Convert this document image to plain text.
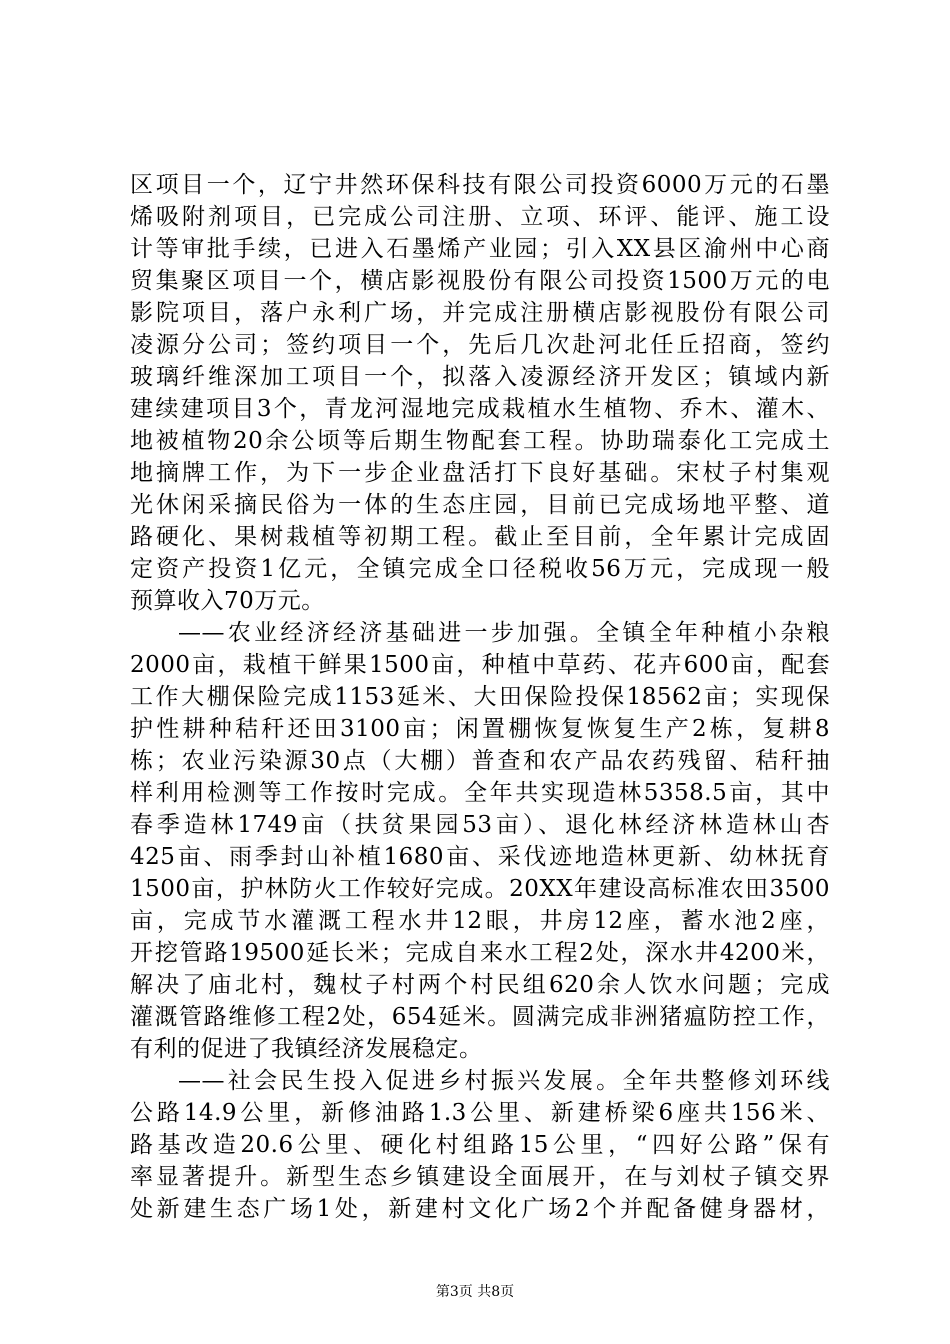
区项目一个，辽宁井然环保科技有限公司投资6000万元的石墨
烯吸附剂项目，已完成公司注册、立项、环评、能评、施工设
计等审批手续，已进入石墨烯产业园；引入XX县区渝州中心商
贸集聚区项目一个，横店影视股份有限公司投资1500万元的电
影院项目，落户永利广场，并完成注册横店影视股份有限公司
凌源分公司；签约项目一个，先后几次赴河北任丘招商，签约
玻璃纤维深加工项目一个，拟落入凌源经济开发区；镇域内新
建续建项目3个，青龙河湿地完成栽植水生植物、乔木、灌木、
地被植物20余公顷等后期生物配套工程。协助瑞泰化工完成土
地摘牌工作，为下一步企业盘活打下良好基础。宋杖子村集观
光休闲采摘民俗为一体的生态庄园，目前已完成场地平整、道
路硬化、果树栽植等初期工程。截止至目前，全年累计完成固
定资产投资1亿元，全镇完成全口径税收56万元，完成现一般
预算收入70万元。
——农业经济经济基础进一步加强。全镇全年种植小杂粮
2000亩，栽植干鲜果1500亩，种植中草药、花卉600亩，配套
工作大棚保险完成1153延米、大田保险投保18562亩；实现保
护性耕种秸秆还田3100亩；闲置棚恢复恢复生产2栋，复耕8
栋；农业污染源30点（大棚）普查和农产品农药残留、秸秆抽
样利用检测等工作按时完成。全年共实现造林5358.5亩，其中
春季造林1749亩（扶贫果园53亩）、退化林经济林造林山杏
425亩、雨季封山补植1680亩、采伐迹地造林更新、幼林抚育
1500亩，护林防火工作较好完成。20XX年建设高标准农田3500
亩，完成节水灌溉工程水井12眼，井房12座，蓄水池2座，
开挖管路19500延长米；完成自来水工程2处，深水井4200米，
解决了庙北村，魏杖子村两个村民组620余人饮水问题；完成
灌溉管路维修工程2处，654延米。圆满完成非洲猪瘟防控工作，
有利的促进了我镇经济发展稳定。
——社会民生投入促进乡村振兴发展。全年共整修刘环线
公路14.9公里，新修油路1.3公里、新建桥梁6座共156米、
路基改造20.6公里、硬化村组路15公里，“四好公路”保有
率显著提升。新型生态乡镇建设全面展开，在与刘杖子镇交界
处新建生态广场1处，新建村文化广场2个并配备健身器材，
第3页 共8页
